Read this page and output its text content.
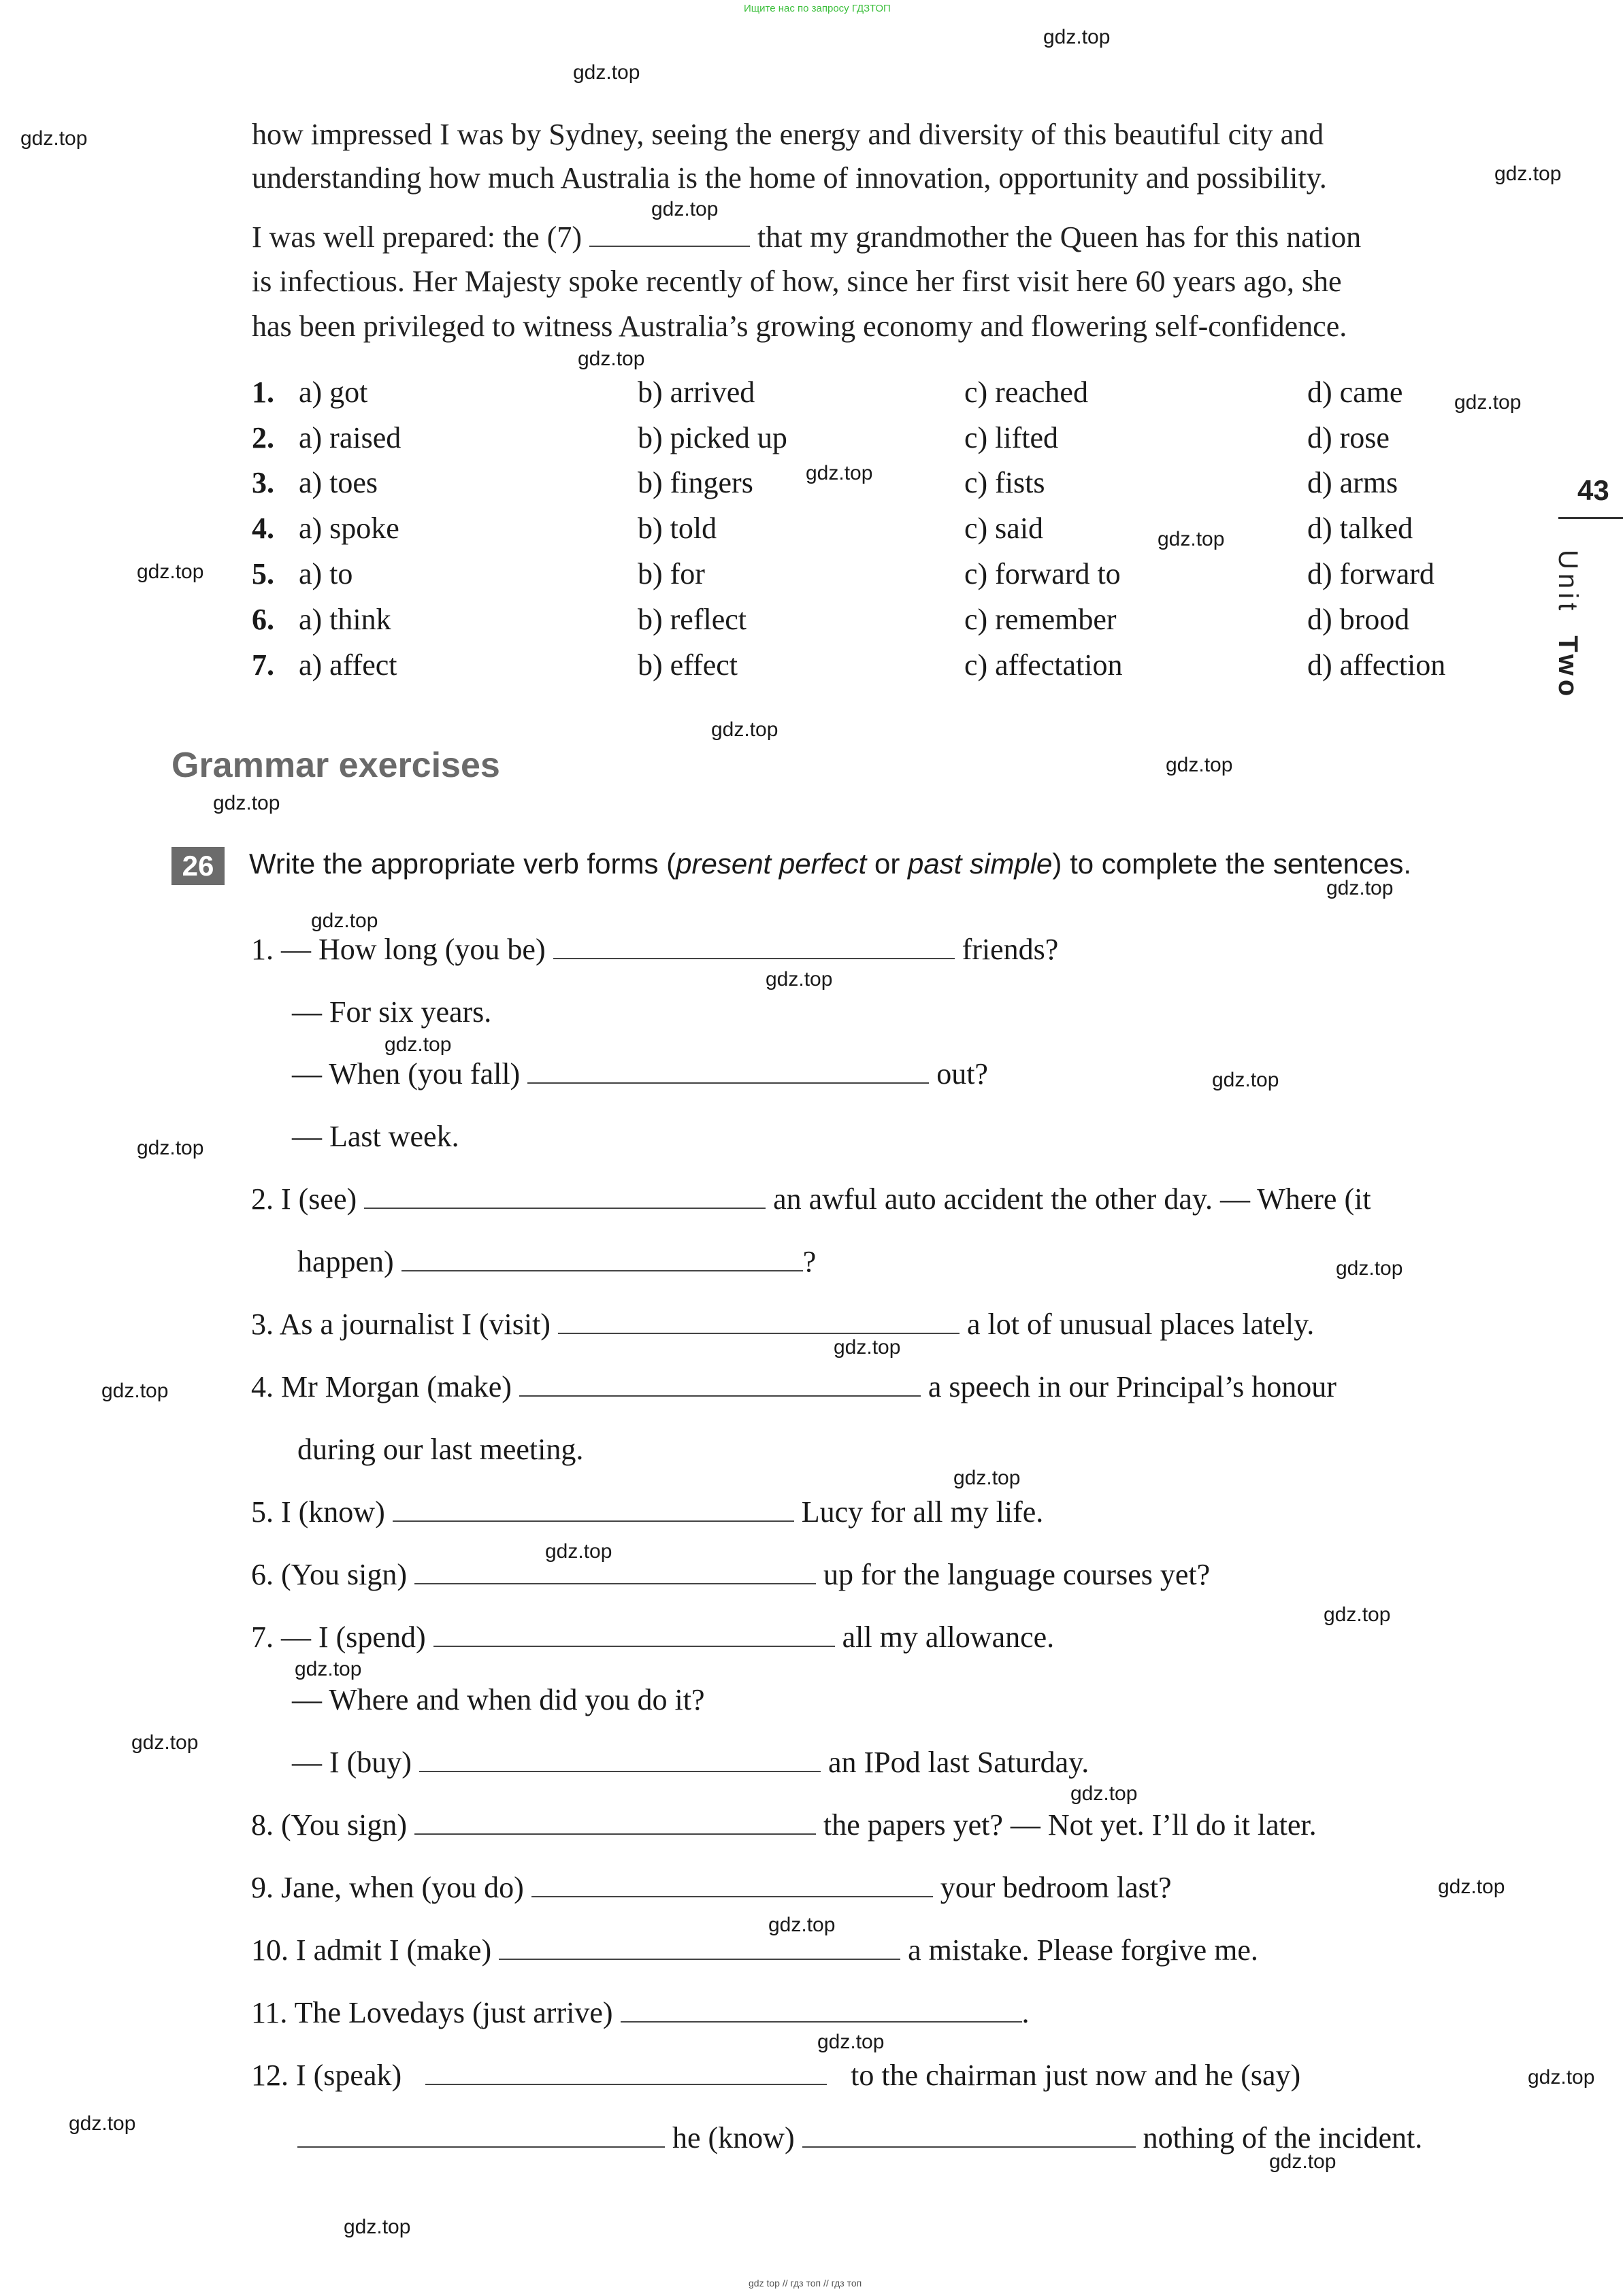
Ищите нас по запросу ГДЗТОП
gdz.top
gdz.top
gdz.top
gdz.top
gdz.top
gdz.top
gdz.top
gdz.top
gdz.top
gdz.top
gdz.top
gdz.top
gdz.top
gdz.top
gdz.top
gdz.top
gdz.top
gdz.top
gdz.top
gdz.top
gdz.top
gdz.top
gdz.top
gdz.top
gdz.top
gdz.top
gdz.top
gdz.top
gdz.top
gdz.top
gdz.top
gdz.top
gdz.top
gdz.top
gdz.top
43
Unit Two
how impressed I was by Sydney, seeing the energy and diversity of this beautiful city and
understanding how much Australia is the home of innovation, opportunity and possibility.
I was well prepared: the (7)	that my grandmother the Queen has for this nation
is infectious. Her Majesty spoke recently of how, since her first visit here 60 years ago, she
has been privileged to witness Australia’s growing economy and flowering self-confidence.
1. a) got	b) arrived	c) reached	d) came
2. a) raised	b) picked up	c) lifted	d) rose
3. a) toes	b) fingers	c) fists	d) arms
4. a) spoke	b) told	c) said	d) talked
5. a) to	b) for	c) forward to	d) forward
6. a) think	b) reflect	c) remember	d) brood
7. a) affect	b) effect	c) affectation	d) affection
Grammar exercises
26	Write the appropriate verb forms (present perfect or past simple) to complete the sentences.
1. — How long (you be)	friends?
— For six years.
— When (you fall)	out?
— Last week.
2. I (see)	an awful auto accident the other day. — Where (it
happen)	?
3. As a journalist I (visit)	a lot of unusual places lately.
4. Mr Morgan (make)	a speech in our Principal’s honour
during our last meeting.
5. I (know)	Lucy for all my life.
6. (You sign)	up for the language courses yet?
7. — I (spend)	all my allowance.
— Where and when did you do it?
— I (buy)	an IPod last Saturday.
8. (You sign)	the papers yet? — Not yet. I’ll do it later.
9. Jane, when (you do)	your bedroom last?
10. I admit I (make)	a mistake. Please forgive me.
11. The Lovedays (just arrive)	.
12. I (speak)	to the chairman just now and he (say)
he (know)	nothing of the incident.
gdz top // гдз топ // гдз топ
